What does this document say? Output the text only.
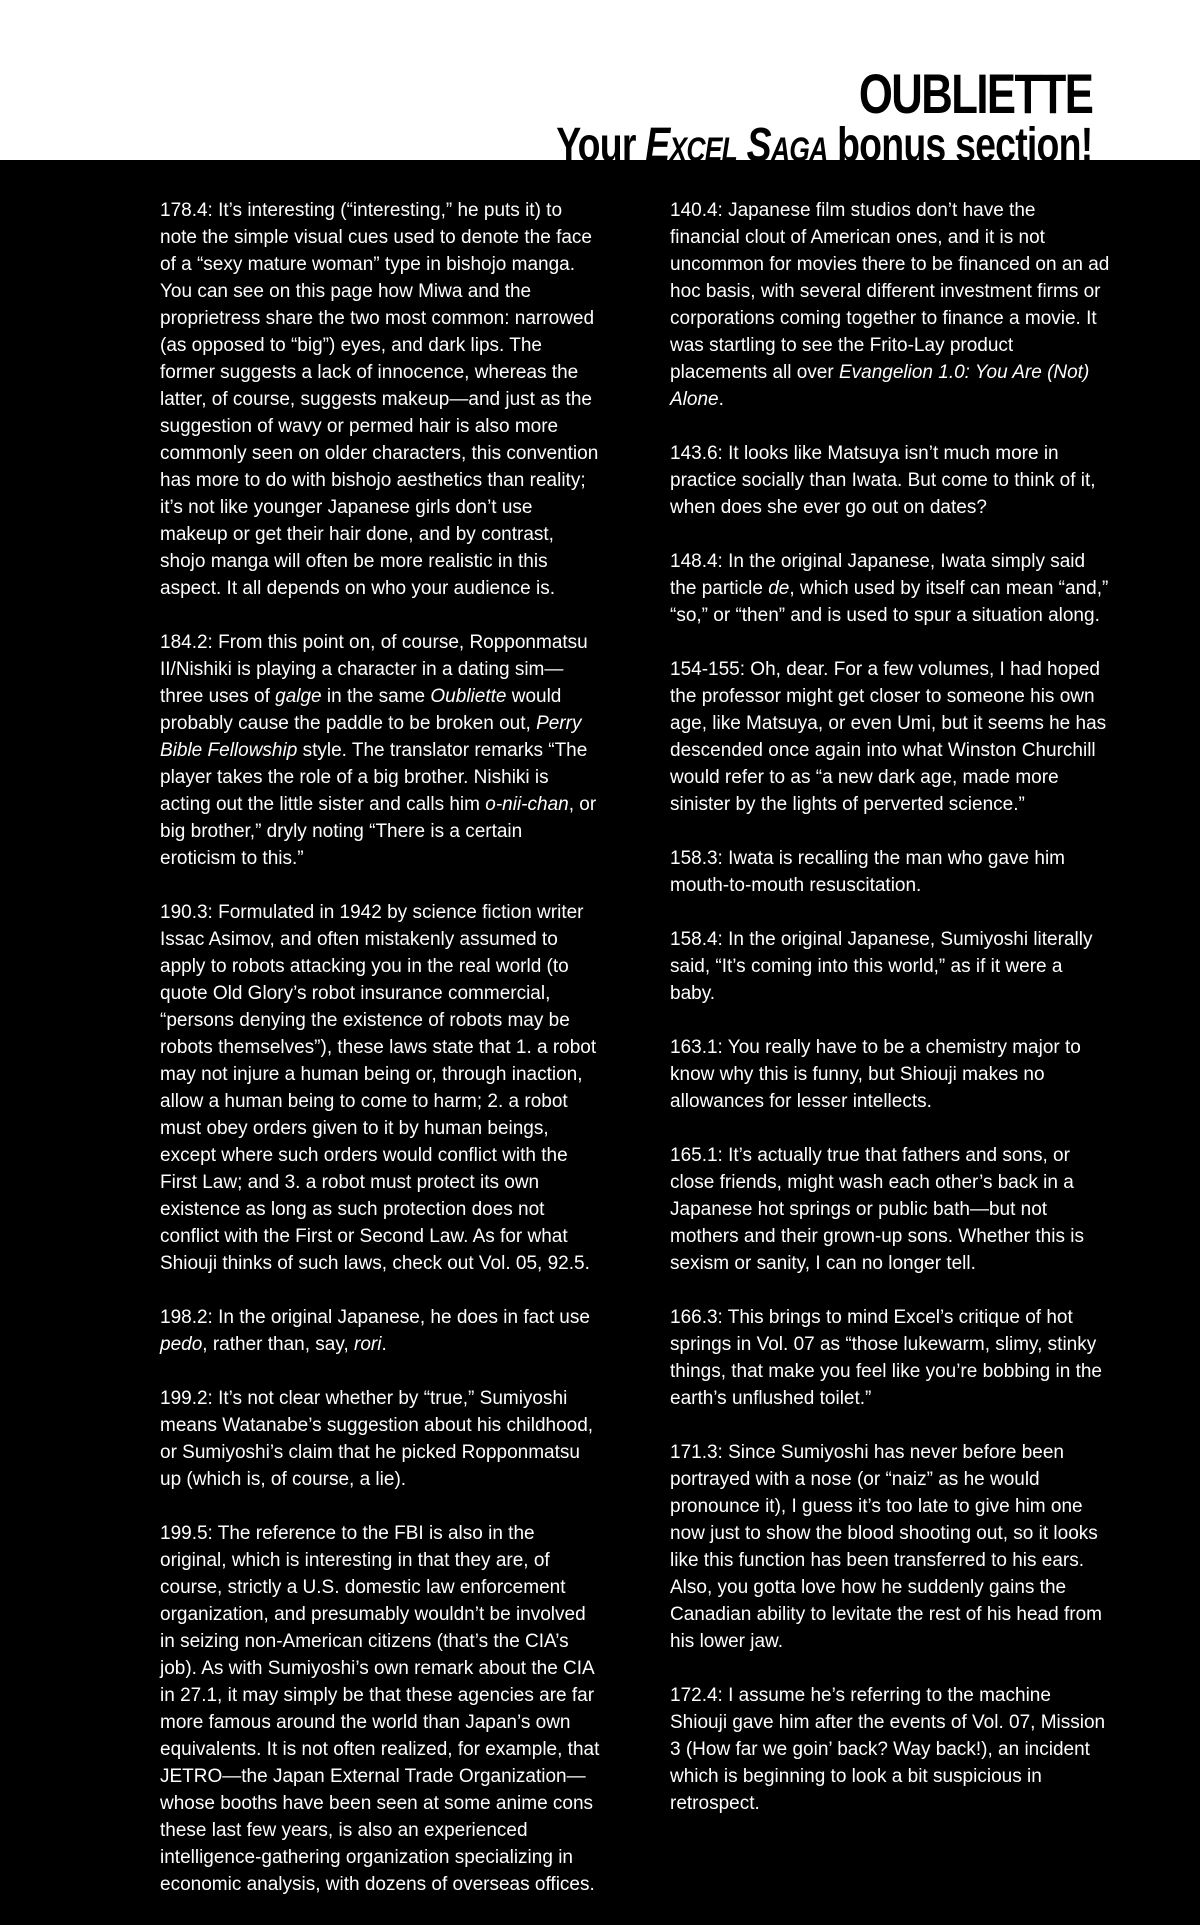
OUBLIETTE
Your Excel Saga bonus section!

178.4: It’s interesting (“interesting,” he puts it) to note the simple visual cues used to denote the face of a “sexy mature woman” type in bishojo manga. You can see on this page how Miwa and the proprietress share the two most common: narrowed (as opposed to “big”) eyes, and dark lips. The former suggests a lack of innocence, whereas the latter, of course, suggests makeup—and just as the suggestion of wavy or permed hair is also more commonly seen on older characters, this convention has more to do with bishojo aesthetics than reality; it’s not like younger Japanese girls don’t use makeup or get their hair done, and by contrast, shojo manga will often be more realistic in this aspect. It all depends on who your audience is.

184.2: From this point on, of course, Ropponmatsu II/Nishiki is playing a character in a dating sim—three uses of galge in the same Oubliette would probably cause the paddle to be broken out, Perry Bible Fellowship style. The translator remarks “The player takes the role of a big brother. Nishiki is acting out the little sister and calls him o-nii-chan, or big brother,” dryly noting “There is a certain eroticism to this.”

190.3: Formulated in 1942 by science fiction writer Issac Asimov, and often mistakenly assumed to apply to robots attacking you in the real world (to quote Old Glory’s robot insurance commercial, “persons denying the existence of robots may be robots themselves”), these laws state that 1. a robot may not injure a human being or, through inaction, allow a human being to come to harm; 2. a robot must obey orders given to it by human beings, except where such orders would conflict with the First Law; and 3. a robot must protect its own existence as long as such protection does not conflict with the First or Second Law. As for what Shiouji thinks of such laws, check out Vol. 05, 92.5.

198.2: In the original Japanese, he does in fact use pedo, rather than, say, rori.

199.2: It’s not clear whether by “true,” Sumiyoshi means Watanabe’s suggestion about his childhood, or Sumiyoshi’s claim that he picked Ropponmatsu up (which is, of course, a lie).

199.5: The reference to the FBI is also in the original, which is interesting in that they are, of course, strictly a U.S. domestic law enforcement organization, and presumably wouldn’t be involved in seizing non-American citizens (that’s the CIA’s job). As with Sumiyoshi’s own remark about the CIA in 27.1, it may simply be that these agencies are far more famous around the world than Japan’s own equivalents. It is not often realized, for example, that JETRO—the Japan External Trade Organization—whose booths have been seen at some anime cons these last few years, is also an experienced intelligence-gathering organization specializing in economic analysis, with dozens of overseas offices.

140.4: Japanese film studios don’t have the financial clout of American ones, and it is not uncommon for movies there to be financed on an ad hoc basis, with several different investment firms or corporations coming together to finance a movie. It was startling to see the Frito-Lay product placements all over Evangelion 1.0: You Are (Not) Alone.

143.6: It looks like Matsuya isn’t much more in practice socially than Iwata. But come to think of it, when does she ever go out on dates?

148.4: In the original Japanese, Iwata simply said the particle de, which used by itself can mean “and,” “so,” or “then” and is used to spur a situation along.

154-155: Oh, dear. For a few volumes, I had hoped the professor might get closer to someone his own age, like Matsuya, or even Umi, but it seems he has descended once again into what Winston Churchill would refer to as “a new dark age, made more sinister by the lights of perverted science.”

158.3: Iwata is recalling the man who gave him mouth-to-mouth resuscitation.

158.4: In the original Japanese, Sumiyoshi literally said, “It’s coming into this world,” as if it were a baby.

163.1: You really have to be a chemistry major to know why this is funny, but Shiouji makes no allowances for lesser intellects.

165.1: It’s actually true that fathers and sons, or close friends, might wash each other’s back in a Japanese hot springs or public bath—but not mothers and their grown-up sons. Whether this is sexism or sanity, I can no longer tell.

166.3: This brings to mind Excel’s critique of hot springs in Vol. 07 as “those lukewarm, slimy, stinky things, that make you feel like you’re bobbing in the earth’s unflushed toilet.”

171.3: Since Sumiyoshi has never before been portrayed with a nose (or “naiz” as he would pronounce it), I guess it’s too late to give him one now just to show the blood shooting out, so it looks like this function has been transferred to his ears. Also, you gotta love how he suddenly gains the Canadian ability to levitate the rest of his head from his lower jaw.

172.4: I assume he’s referring to the machine Shiouji gave him after the events of Vol. 07, Mission 3 (How far we goin’ back? Way back!), an incident which is beginning to look a bit suspicious in retrospect.
